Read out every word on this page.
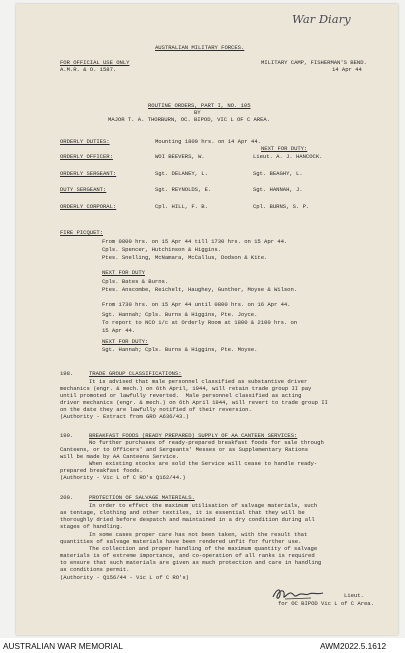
War Diary
AUSTRALIAN MILITARY FORCES.
FOR OFFICIAL USE ONLY
A.M.R. & O. 1587.
MILITARY CAMP, FISHERMAN'S BEND.
14 Apr 44
ROUTINE ORDERS, PART I, NO. 105
BY
MAJOR T. A. THORBURN, OC. BIPOD, VIC L OF C AREA.
NEXT FOR DUTY:
ORDERLY DUTIES:	Mounting 1800 hrs. on 14 Apr 44.
ORDERLY OFFICER:	WOI BEEVERS, W.	Lieut. A. J. HANCOCK.
ORDERLY SERGEANT:	Sgt. DELANEY, L.	Sgt. BEAGHY, L.
DUTY SERGEANT:	Sgt. REYNOLDS, E.	Sgt. HANNAH, J.
ORDERLY CORPORAL:	Cpl. HILL, F. B.	Cpl. BURNS, S. P.
FIRE PICQUET:
From 0800 hrs. on 15 Apr 44 till 1730 hrs. on 15 Apr 44.
Cpls. Spencer, Hutchinson & Higgins.
Ptes. Snelling, McNamara, McCallus, Dodson & Kite.
NEXT FOR DUTY
Cpls. Bates & Burns.
Ptes. Anscombe, Reichelt, Haughey, Gunther, Moyse & Wilson.
From 1730 hrs. on 15 Apr 44 until 0800 hrs. on 16 Apr 44.
Sgt. Hannah; Cpls. Burns & Higgins, Pte. Joyce.
To report to NCO i/c at Orderly Room at 1800 & 2100 hrs. on
15 Apr 44.
NEXT FOR DUTY:
Sgt. Hannah; Cpls. Burns & Higgins, Pte. Moyse.
198.	TRADE GROUP CLASSIFICATIONS:
It is advised that male personnel classified as substantive driver
mechanics (engr. & mech.) on 6th April, 1944, will retain trade group II pay
until promoted or lawfully reverted.  Male personnel classified as acting
driver mechanics (engr. & mech.) on 6th April 1944, will revert to trade group II
on the date they are lawfully notified of their reversion.
(Authority - Extract from GRO A636/43.)
199.	BREAKFAST FOODS (READY PREPARED) SUPPLY OF AA CANTEEN SERVICES:
No further purchases of ready-prepared breakfast foods for sale through
Canteens, or to Officers' and Sergeants' Messes or as Supplementary Rations
will be made by AA Canteens Service.
When existing stocks are sold the Service will cease to handle ready-
prepared breakfast foods.
(Authority - Vic L of C RO's Q162/44.)
200.	PROTECTION OF SALVAGE MATERIALS.
In order to effect the maximum utilisation of salvage materials, such
as tentage, clothing and other textiles, it is essential that they will be
thoroughly dried before despatch and maintained in a dry condition during all
stages of handling.
In some cases proper care has not been taken, with the result that
quantities of salvage materials have been rendered unfit for further use.
The collection and proper handling of the maximum quantity of salvage
materials is of extreme importance, and co-operation of all ranks is required
to ensure that such materials are given as much protection and care in handling
as conditions permit.
(Authority - Q156/44 - Vic L of C RO's)
Lieut.
for OC BIPOD Vic L of C Area.
AUSTRALIAN WAR MEMORIAL	AWM2022.5.1612
